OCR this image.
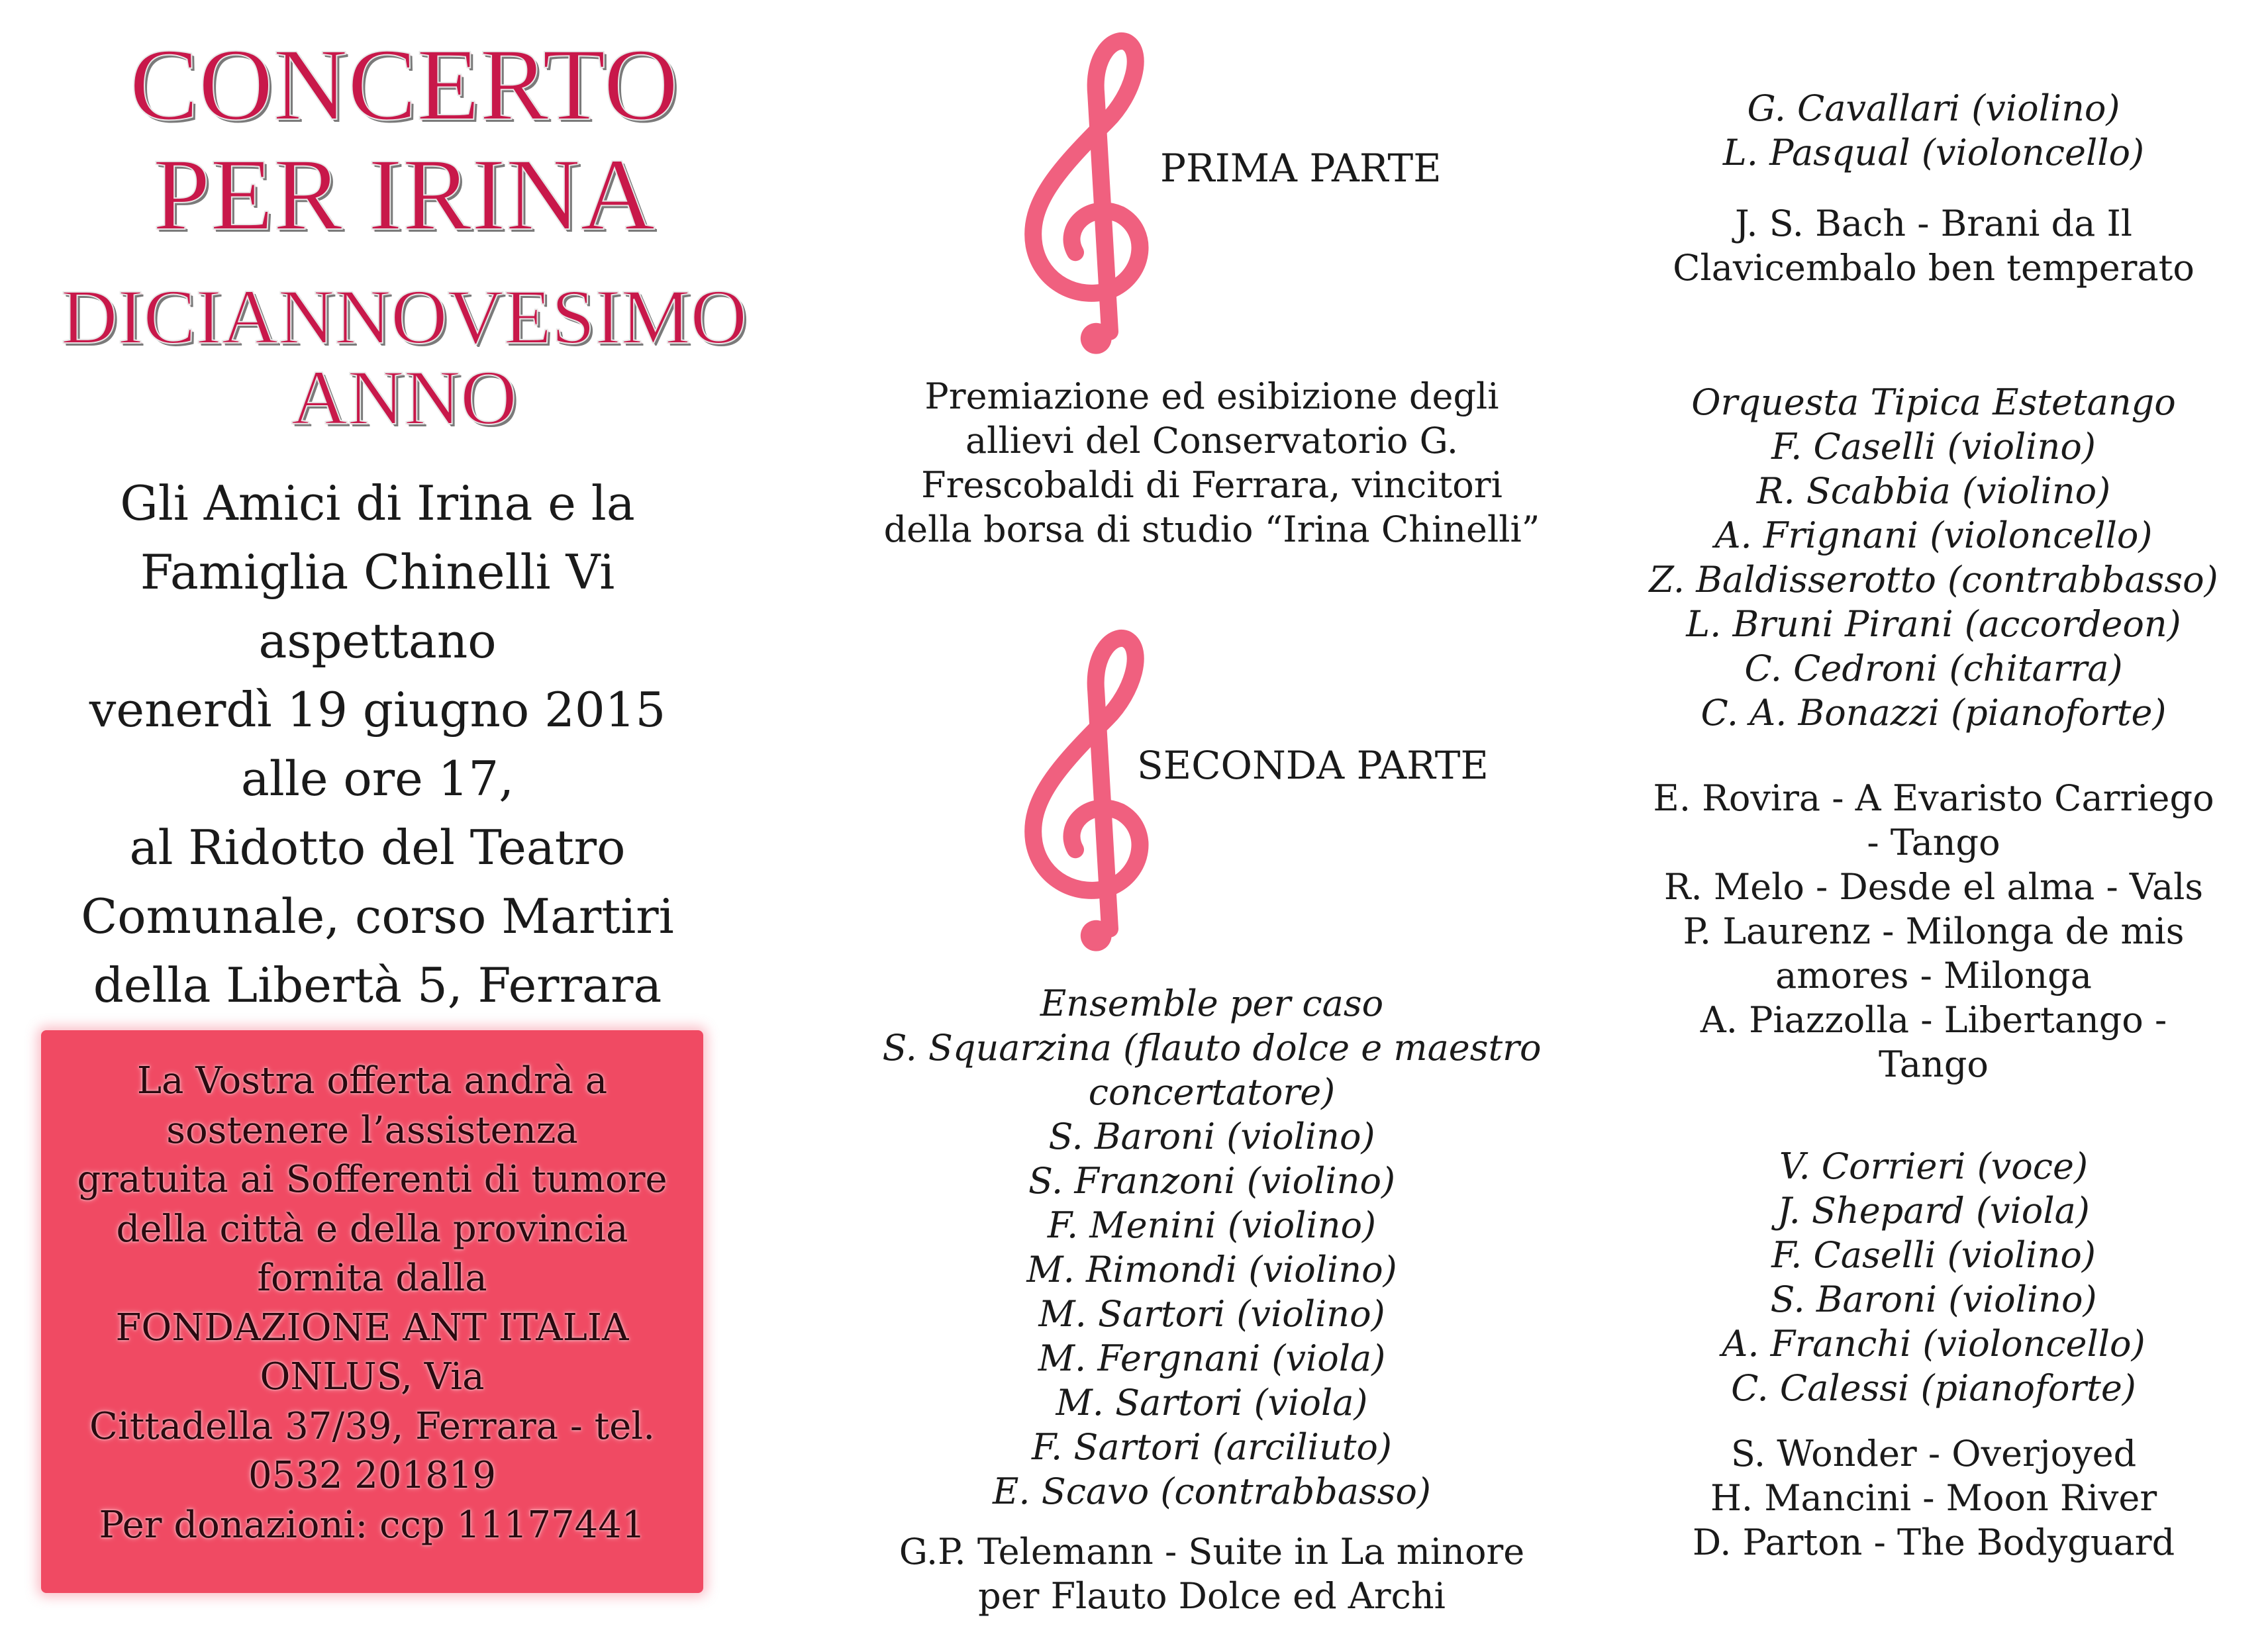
CONCERTO
PER IRINA
DICIANNOVESIMO
ANNO
Gli Amici di Irina e la
Famiglia Chinelli Vi
aspettano
venerdì 19 giugno 2015
alle ore 17,
al Ridotto del Teatro
Comunale, corso Martiri
della Libertà 5, Ferrara
La Vostra offerta andrà a
sostenere l’assistenza
gratuita ai Sofferenti di tumore
della città e della provincia
fornita dalla
FONDAZIONE ANT ITALIA
ONLUS, Via
Cittadella 37/39, Ferrara - tel.
0532 201819
Per donazioni: ccp 11177441
PRIMA PARTE
Premiazione ed esibizione degli
allievi del Conservatorio G.
Frescobaldi di Ferrara, vincitori
della borsa di studio “Irina Chinelli”
SECONDA PARTE
Ensemble per caso
S. Squarzina (flauto dolce e maestro
concertatore)
S. Baroni (violino)
S. Franzoni (violino)
F. Menini (violino)
M. Rimondi (violino)
M. Sartori (violino)
M. Fergnani (viola)
M. Sartori (viola)
F. Sartori (arciliuto)
E. Scavo (contrabbasso)
G.P. Telemann - Suite in La minore
per Flauto Dolce ed Archi
G. Cavallari (violino)
L. Pasqual (violoncello)
J. S. Bach - Brani da Il
Clavicembalo ben temperato
Orquesta Tipica Estetango
F. Caselli (violino)
R. Scabbia (violino)
A. Frignani (violoncello)
Z. Baldisserotto (contrabbasso)
L. Bruni Pirani (accordeon)
C. Cedroni (chitarra)
C. A. Bonazzi (pianoforte)
E. Rovira - A Evaristo Carriego
- Tango
R. Melo - Desde el alma - Vals
P. Laurenz - Milonga de mis
amores - Milonga
A. Piazzolla - Libertango -
Tango
V. Corrieri (voce)
J. Shepard (viola)
F. Caselli (violino)
S. Baroni (violino)
A. Franchi (violoncello)
C. Calessi (pianoforte)
S. Wonder - Overjoyed
H. Mancini - Moon River
D. Parton - The Bodyguard
